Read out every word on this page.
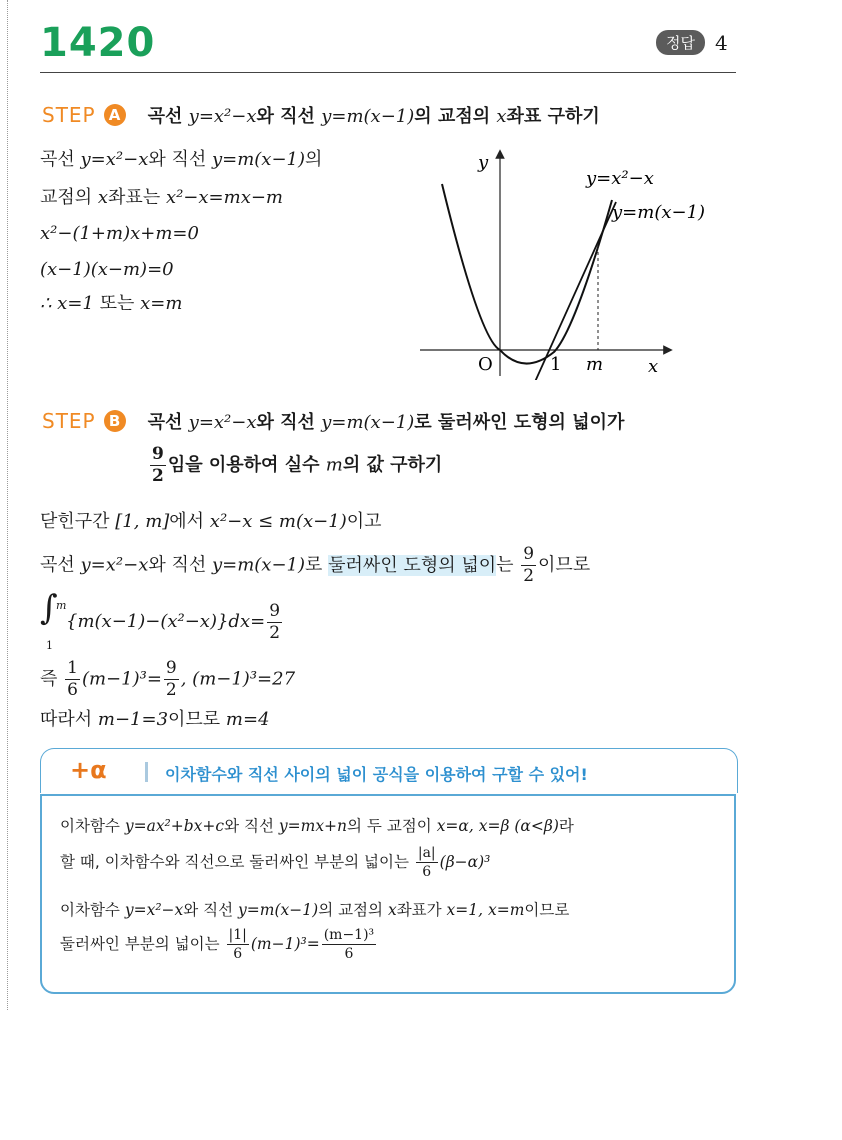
1420	정답	4
STEP A 곡선 y=x²−x와 직선 y=m(x−1)의 교점의 x좌표 구하기
곡선 y=x²−x와 직선 y=m(x−1)의
교점의 x좌표는 x²−x=mx−m
x²−(1+m)x+m=0
(x−1)(x−m)=0
∴ x=1 또는 x=m
y
x
O	1 m
y=x²−x
y=m(x−1)
STEP B 곡선 y=x²−x와 직선 y=m(x−1)로 둘러싸인 도형의 넓이가
$\frac{9}{2}$ 임을 이용하여 실수 m의 값 구하기
닫힌구간 [1, m]에서 x²−x ≤ m(x−1)이고
곡선 y=x²−x와 직선 y=m(x−1)로 둘러싸인 도형의 넓이는 $\frac{9}{2}$ 이므로
∫
m
1
$\{m(x-1)-(x^2-x)\}dx= \frac{9}{2}$
즉 $\frac{1}{6} (m-1)^3= \frac{9}{2}$ , (m−1)³=27
따라서 m−1=3이므로 m=4
+α	이차함수와 직선 사이의 넓이 공식을 이용하여 구할 수 있어!
이차함수 y=ax²+bx+c와 직선 y=mx+n의 두 교점이 x=α, x=β (α<β)라
할 때, 이차함수와 직선으로 둘러싸인 부분의 넓이는 $\frac{|a|}{6} (\beta-\alpha)^3$
이차함수 y=x²−x와 직선 y=m(x−1)의 교점의 x좌표가 x=1, x=m이므로
둘러싸인 부분의 넓이는 $\frac{|1|}{6} (m-1)^3= \frac{\text{(m−1)³}}{6}$
